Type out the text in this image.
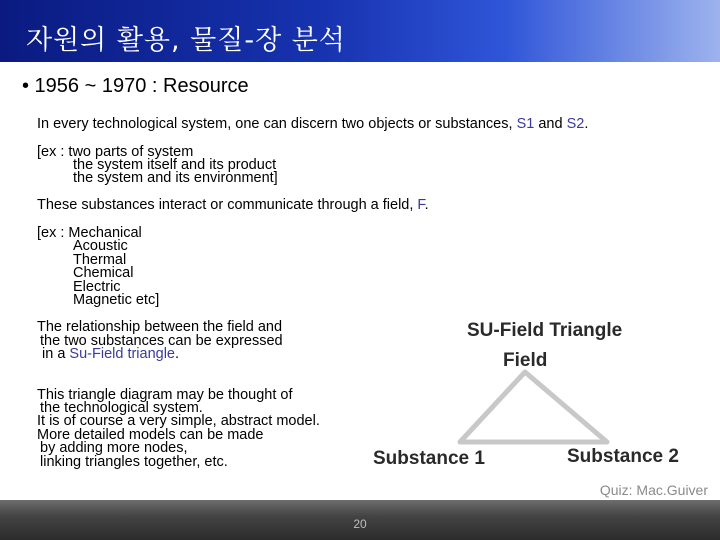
자원의 활용, 물질-장 분석
• 1956 ~ 1970 : Resource
In every technological system, one can discern two objects or substances, S1 and S2.
[ex : two parts of system
the system itself and its product
the system and its environment]
These substances interact or communicate through a field, F.
[ex : Mechanical
Acoustic
Thermal
Chemical
Electric
Magnetic etc]
The relationship between the field and
the two substances can be expressed
in a Su-Field triangle.
This triangle diagram may be thought of
the technological system.
It is of course a very simple, abstract model.
More detailed models can be made
by adding more nodes,
linking triangles together, etc.
SU-Field Triangle
Field
Substance 1	Substance 2
Quiz: Mac.Guiver
20
